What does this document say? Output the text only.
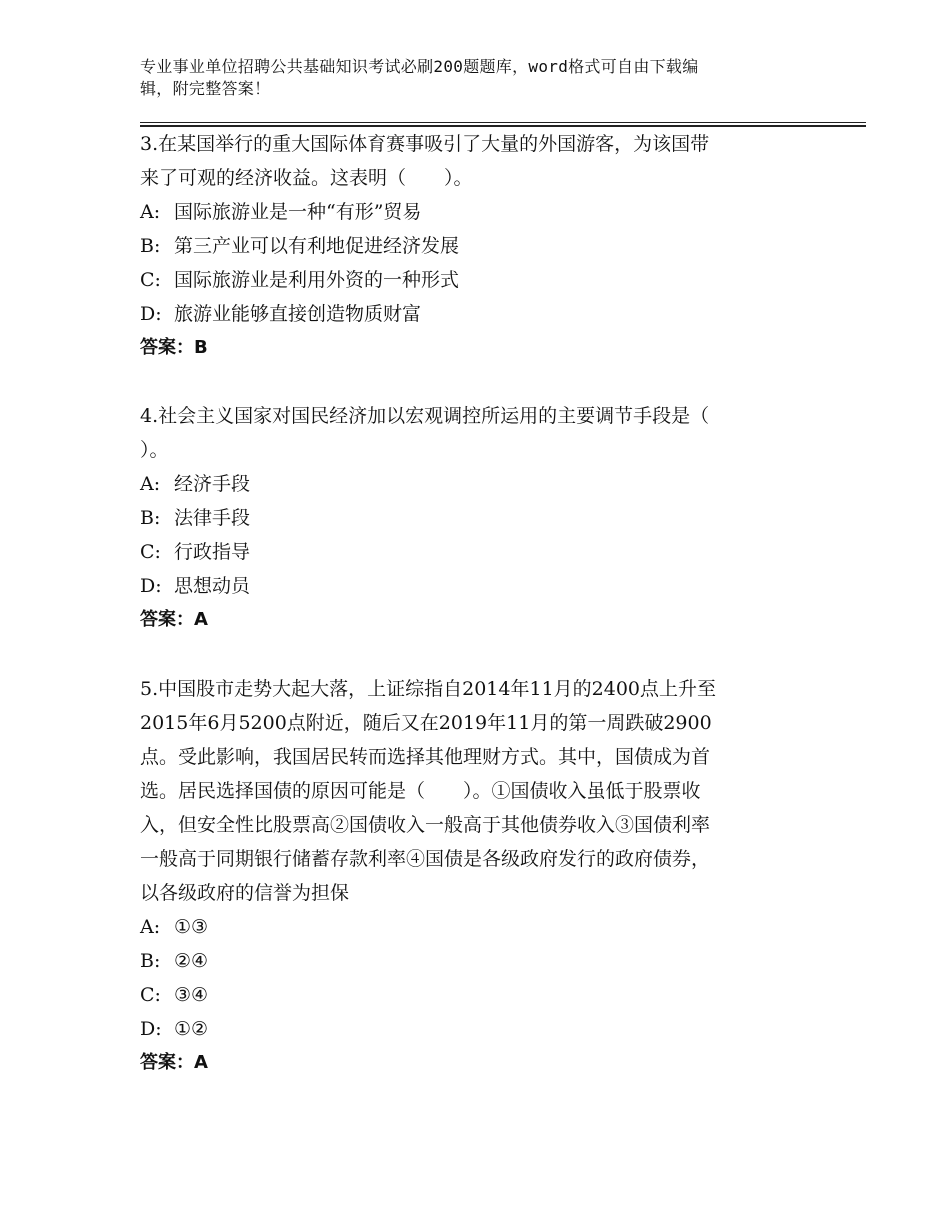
专业事业单位招聘公共基础知识考试必刷200题题库，word格式可自由下载编
辑，附完整答案！

3.在某国举行的重大国际体育赛事吸引了大量的外国游客，为该国带

来了可观的经济收益。这表明（　　）。

A: 国际旅游业是一种“有形”贸易

B: 第三产业可以有利地促进经济发展

C: 国际旅游业是利用外资的一种形式

D: 旅游业能够直接创造物质财富

答案：B

4.社会主义国家对国民经济加以宏观调控所运用的主要调节手段是（

）。

A: 经济手段

B: 法律手段

C: 行政指导

D: 思想动员

答案：A

5.中国股市走势大起大落，上证综指自2014年11月的2400点上升至

2015年6月5200点附近，随后又在2019年11月的第一周跌破2900

点。受此影响，我国居民转而选择其他理财方式。其中，国债成为首

选。居民选择国债的原因可能是（　　）。①国债收入虽低于股票收

入，但安全性比股票高②国债收入一般高于其他债券收入③国债利率

一般高于同期银行储蓄存款利率④国债是各级政府发行的政府债券，

以各级政府的信誉为担保

A: ①③

B: ②④

C: ③④

D: ①②

答案：A
